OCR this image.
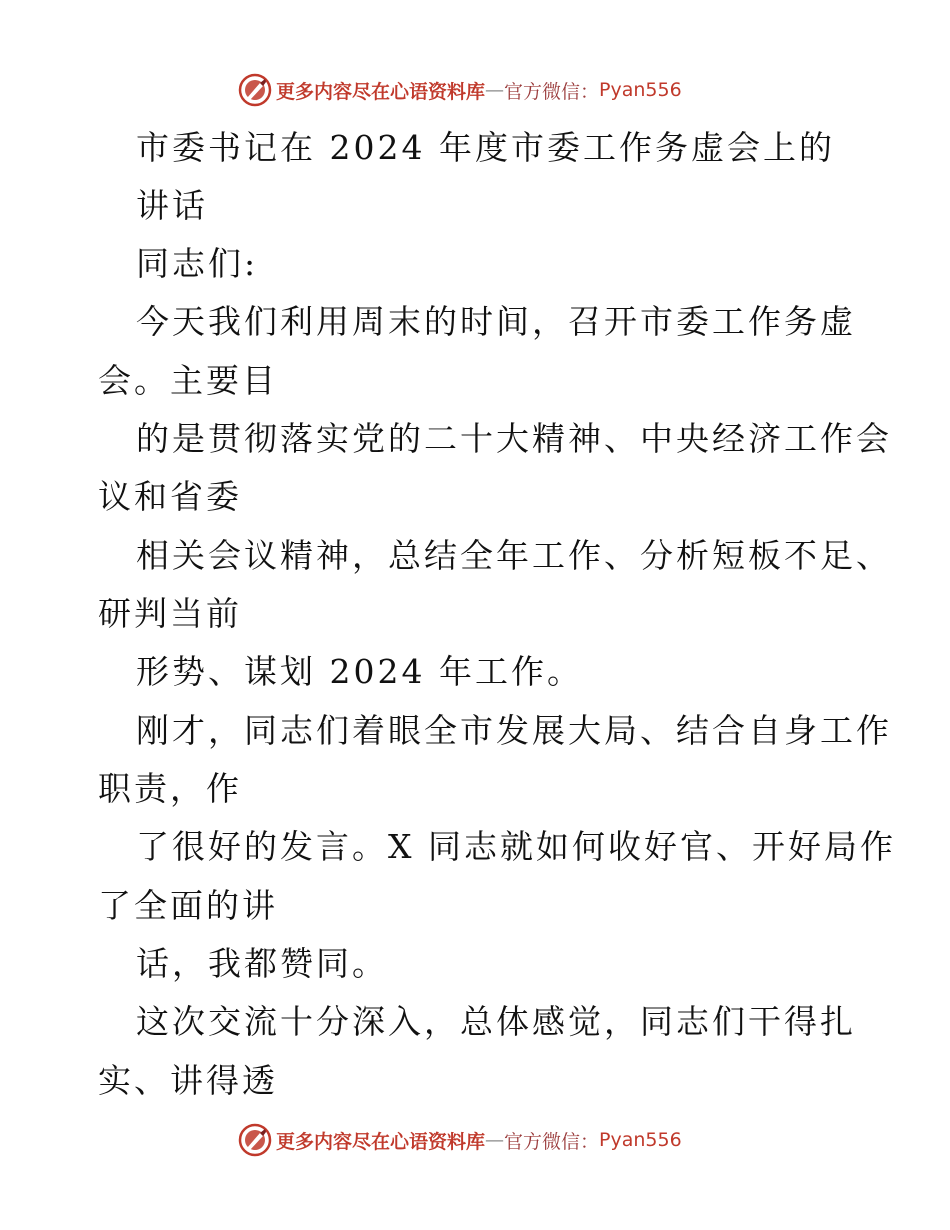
更多内容尽在心语资料库 — 官方微信： Pyan556
市委书记在 2024 年度市委工作务虚会上的
讲话
同志们:
今天我们利用周末的时间，召开市委工作务虚
会。主要目
的是贯彻落实党的二十大精神、中央经济工作会
议和省委
相关会议精神，总结全年工作、分析短板不足、
研判当前
形势、谋划 2024 年工作。
刚才，同志们着眼全市发展大局、结合自身工作
职责，作
了很好的发言。X 同志就如何收好官、开好局作
了全面的讲
话，我都赞同。
这次交流十分深入，总体感觉，同志们干得扎
实、讲得透
更多内容尽在心语资料库 — 官方微信： Pyan556
